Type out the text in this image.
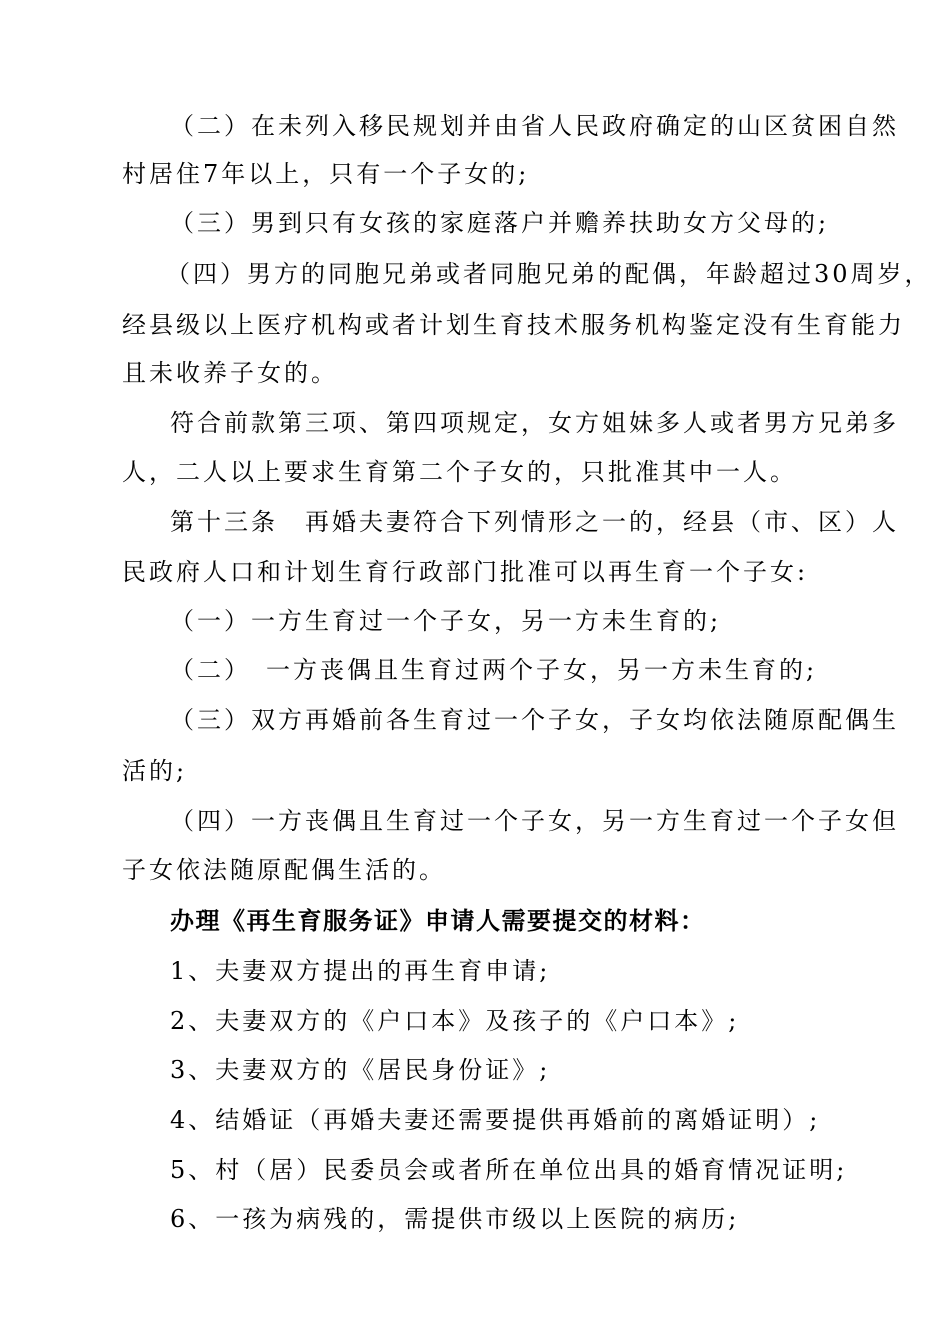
（二）在未列入移民规划并由省人民政府确定的山区贫困自然
村居住7年以上，只有一个子女的;
（三）男到只有女孩的家庭落户并赡养扶助女方父母的;
（四）男方的同胞兄弟或者同胞兄弟的配偶，年龄超过30周岁，
经县级以上医疗机构或者计划生育技术服务机构鉴定没有生育能力
且未收养子女的。
符合前款第三项、第四项规定，女方姐妹多人或者男方兄弟多
人，二人以上要求生育第二个子女的，只批准其中一人。
第十三条　再婚夫妻符合下列情形之一的，经县（市、区）人
民政府人口和计划生育行政部门批准可以再生育一个子女:
（一）一方生育过一个子女，另一方未生育的;
（二）　一方丧偶且生育过两个子女，另一方未生育的;
（三）双方再婚前各生育过一个子女，子女均依法随原配偶生
活的;
（四）一方丧偶且生育过一个子女，另一方生育过一个子女但
子女依法随原配偶生活的。
办理《再生育服务证》申请人需要提交的材料：
1、夫妻双方提出的再生育申请;
2、夫妻双方的《户口本》及孩子的《户口本》;
3、夫妻双方的《居民身份证》;
4、结婚证（再婚夫妻还需要提供再婚前的离婚证明）;
5、村（居）民委员会或者所在单位出具的婚育情况证明;
6、一孩为病残的，需提供市级以上医院的病历;
